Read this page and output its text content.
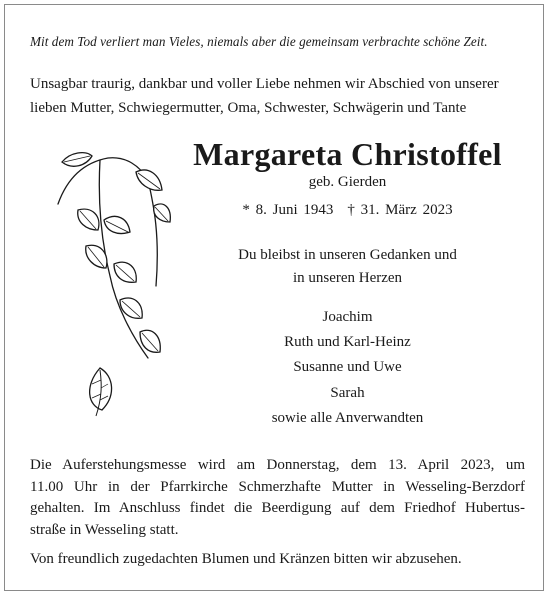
Mit dem Tod verliert man Vieles, niemals aber die gemeinsam verbrachte schöne Zeit.
Unsagbar traurig, dankbar und voller Liebe nehmen wir Abschied von unserer
lieben Mutter, Schwiegermutter, Oma, Schwester, Schwägerin und Tante
Margareta Christoffel
geb. Gierden
* 8. Juni 1943 † 31. März 2023
Du bleibst in unseren Gedanken und
in unseren Herzen
Joachim
Ruth und Karl-Heinz
Susanne und Uwe
Sarah
sowie alle Anverwandten
Die Auferstehungsmesse wird am Donnerstag, dem 13. April 2023, um
11.00 Uhr in der Pfarrkirche Schmerzhafte Mutter in Wesseling-Berzdorf
gehalten. Im Anschluss findet die Beerdigung auf dem Friedhof Hubertus-
straße in Wesseling statt.
Von freundlich zugedachten Blumen und Kränzen bitten wir abzusehen.
